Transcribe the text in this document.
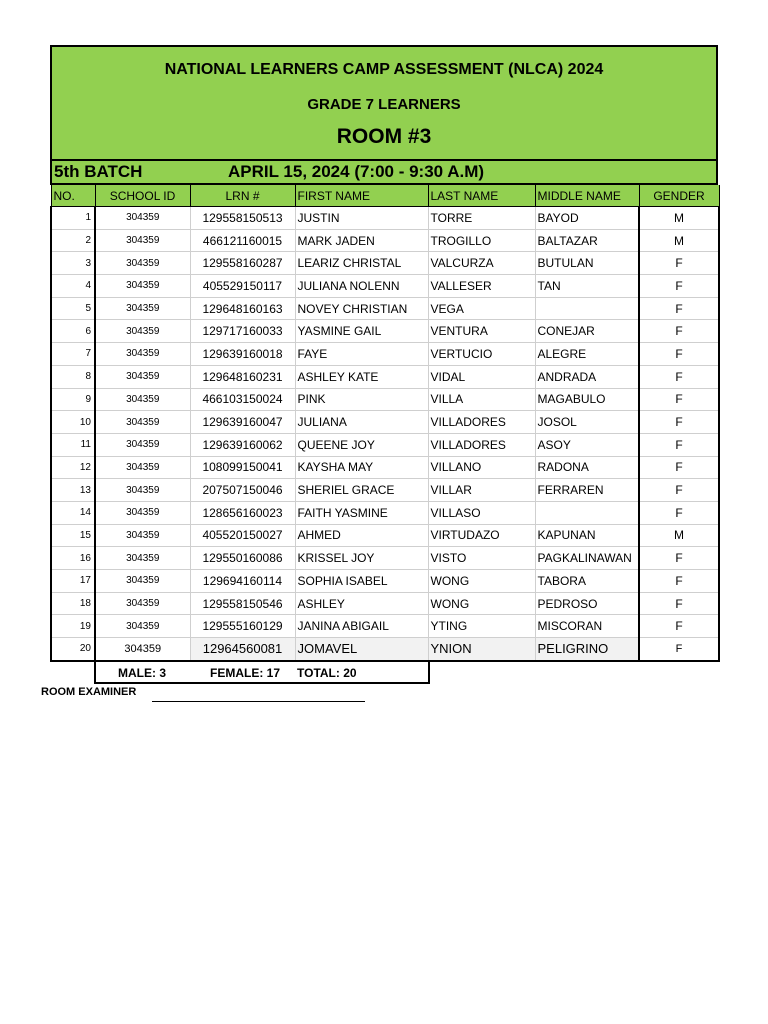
NATIONAL LEARNERS CAMP ASSESSMENT (NLCA) 2024
GRADE 7 LEARNERS
ROOM #3
5th BATCH	APRIL 15, 2024 (7:00 - 9:30 A.M)
NO.	SCHOOL ID	LRN #	FIRST NAME	LAST NAME	MIDDLE NAME	GENDER
1	304359	129558150513	JUSTIN	TORRE	BAYOD	M
2	304359	466121160015	MARK JADEN	TROGILLO	BALTAZAR	M
3	304359	129558160287	LEARIZ CHRISTAL	VALCURZA	BUTULAN	F
4	304359	405529150117	JULIANA NOLENN	VALLESER	TAN	F
5	304359	129648160163	NOVEY CHRISTIAN	VEGA		F
6	304359	129717160033	YASMINE GAIL	VENTURA	CONEJAR	F
7	304359	129639160018	FAYE	VERTUCIO	ALEGRE	F
8	304359	129648160231	ASHLEY KATE	VIDAL	ANDRADA	F
9	304359	466103150024	PINK	VILLA	MAGABULO	F
10	304359	129639160047	JULIANA	VILLADORES	JOSOL	F
11	304359	129639160062	QUEENE JOY	VILLADORES	ASOY	F
12	304359	108099150041	KAYSHA MAY	VILLANO	RADONA	F
13	304359	207507150046	SHERIEL GRACE	VILLAR	FERRAREN	F
14	304359	128656160023	FAITH YASMINE	VILLASO		F
15	304359	405520150027	AHMED	VIRTUDAZO	KAPUNAN	M
16	304359	129550160086	KRISSEL JOY	VISTO	PAGKALINAWAN	F
17	304359	129694160114	SOPHIA ISABEL	WONG	TABORA	F
18	304359	129558150546	ASHLEY	WONG	PEDROSO	F
19	304359	129555160129	JANINA ABIGAIL	YTING	MISCORAN	F
20	304359	12964560081	JOMAVEL	YNION	PELIGRINO	F
MALE: 3	FEMALE: 17 TOTAL: 20
ROOM EXAMINER
